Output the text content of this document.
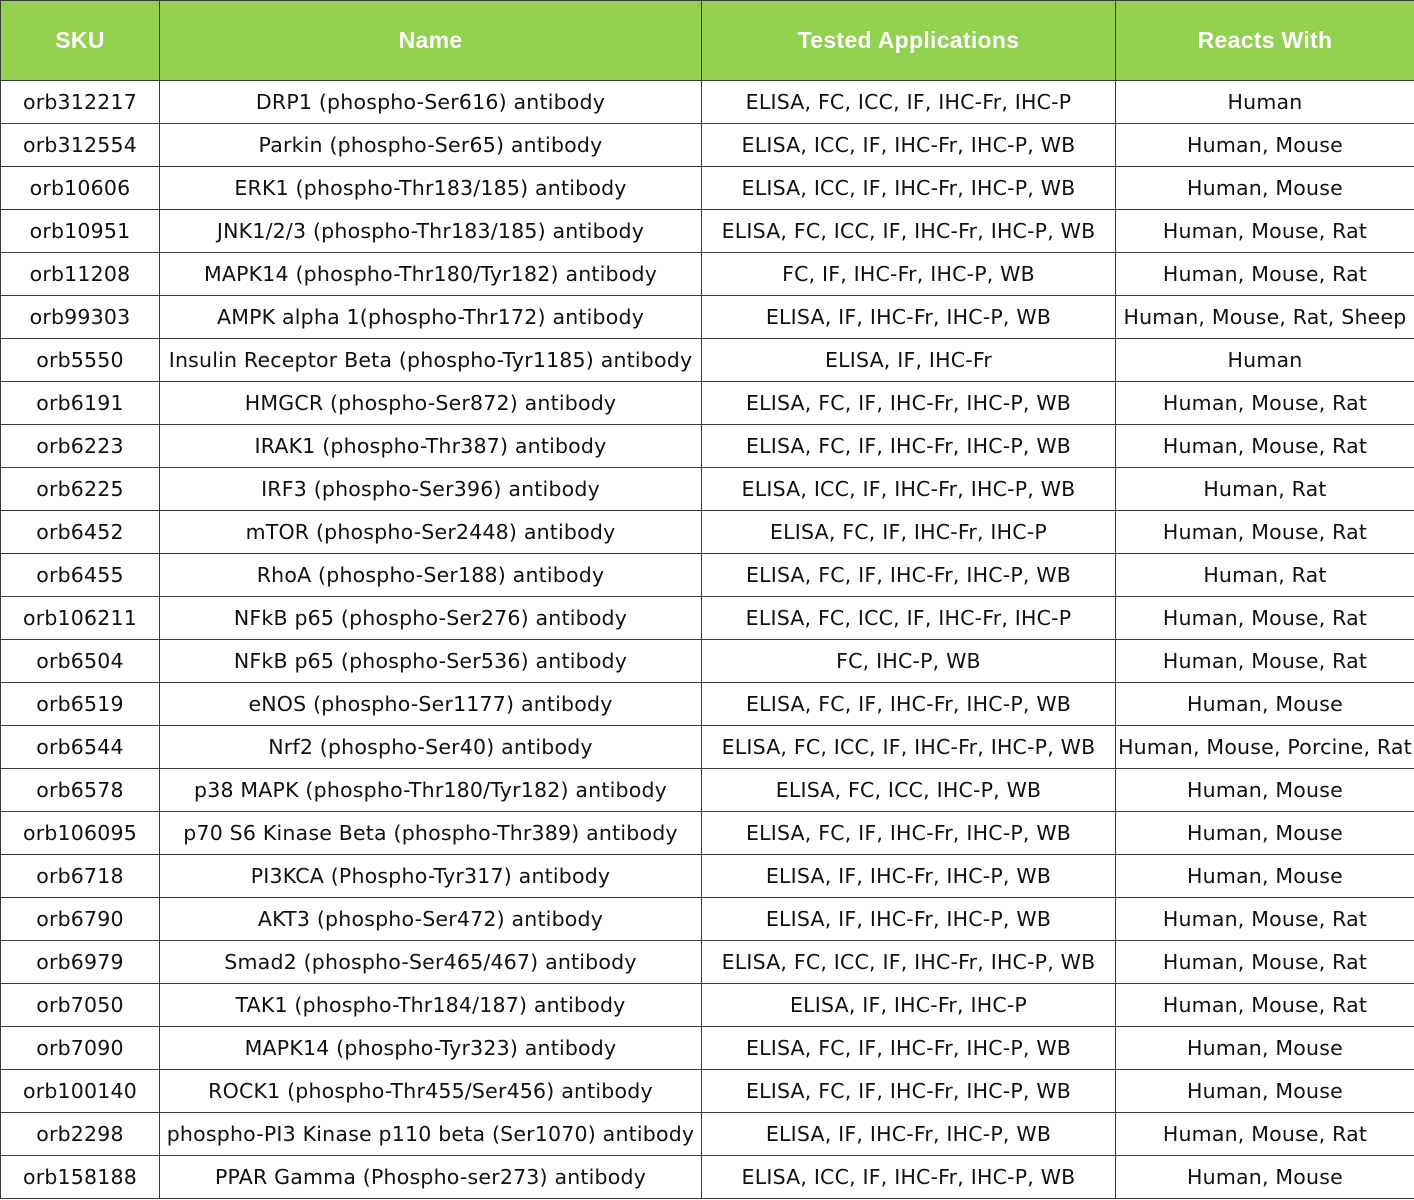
SKU	Name	Tested Applications	Reacts With
orb312217	DRP1 (phospho-Ser616) antibody	ELISA, FC, ICC, IF, IHC-Fr, IHC-P	Human
orb312554	Parkin (phospho-Ser65) antibody	ELISA, ICC, IF, IHC-Fr, IHC-P, WB	Human, Mouse
orb10606	ERK1 (phospho-Thr183/185) antibody	ELISA, ICC, IF, IHC-Fr, IHC-P, WB	Human, Mouse
orb10951	JNK1/2/3 (phospho-Thr183/185) antibody	ELISA, FC, ICC, IF, IHC-Fr, IHC-P, WB	Human, Mouse, Rat
orb11208	MAPK14 (phospho-Thr180/Tyr182) antibody	FC, IF, IHC-Fr, IHC-P, WB	Human, Mouse, Rat
orb99303	AMPK alpha 1(phospho-Thr172) antibody	ELISA, IF, IHC-Fr, IHC-P, WB	Human, Mouse, Rat, Sheep
orb5550	Insulin Receptor Beta (phospho-Tyr1185) antibody	ELISA, IF, IHC-Fr	Human
orb6191	HMGCR (phospho-Ser872) antibody	ELISA, FC, IF, IHC-Fr, IHC-P, WB	Human, Mouse, Rat
orb6223	IRAK1 (phospho-Thr387) antibody	ELISA, FC, IF, IHC-Fr, IHC-P, WB	Human, Mouse, Rat
orb6225	IRF3 (phospho-Ser396) antibody	ELISA, ICC, IF, IHC-Fr, IHC-P, WB	Human, Rat
orb6452	mTOR (phospho-Ser2448) antibody	ELISA, FC, IF, IHC-Fr, IHC-P	Human, Mouse, Rat
orb6455	RhoA (phospho-Ser188) antibody	ELISA, FC, IF, IHC-Fr, IHC-P, WB	Human, Rat
orb106211	NFkB p65 (phospho-Ser276) antibody	ELISA, FC, ICC, IF, IHC-Fr, IHC-P	Human, Mouse, Rat
orb6504	NFkB p65 (phospho-Ser536) antibody	FC, IHC-P, WB	Human, Mouse, Rat
orb6519	eNOS (phospho-Ser1177) antibody	ELISA, FC, IF, IHC-Fr, IHC-P, WB	Human, Mouse
orb6544	Nrf2 (phospho-Ser40) antibody	ELISA, FC, ICC, IF, IHC-Fr, IHC-P, WB	Human, Mouse, Porcine, Rat
orb6578	p38 MAPK (phospho-Thr180/Tyr182) antibody	ELISA, FC, ICC, IHC-P, WB	Human, Mouse
orb106095	p70 S6 Kinase Beta (phospho-Thr389) antibody	ELISA, FC, IF, IHC-Fr, IHC-P, WB	Human, Mouse
orb6718	PI3KCA (Phospho-Tyr317) antibody	ELISA, IF, IHC-Fr, IHC-P, WB	Human, Mouse
orb6790	AKT3 (phospho-Ser472) antibody	ELISA, IF, IHC-Fr, IHC-P, WB	Human, Mouse, Rat
orb6979	Smad2 (phospho-Ser465/467) antibody	ELISA, FC, ICC, IF, IHC-Fr, IHC-P, WB	Human, Mouse, Rat
orb7050	TAK1 (phospho-Thr184/187) antibody	ELISA, IF, IHC-Fr, IHC-P	Human, Mouse, Rat
orb7090	MAPK14 (phospho-Tyr323) antibody	ELISA, FC, IF, IHC-Fr, IHC-P, WB	Human, Mouse
orb100140	ROCK1 (phospho-Thr455/Ser456) antibody	ELISA, FC, IF, IHC-Fr, IHC-P, WB	Human, Mouse
orb2298	phospho-PI3 Kinase p110 beta (Ser1070) antibody	ELISA, IF, IHC-Fr, IHC-P, WB	Human, Mouse, Rat
orb158188	PPAR Gamma (Phospho-ser273) antibody	ELISA, ICC, IF, IHC-Fr, IHC-P, WB	Human, Mouse
